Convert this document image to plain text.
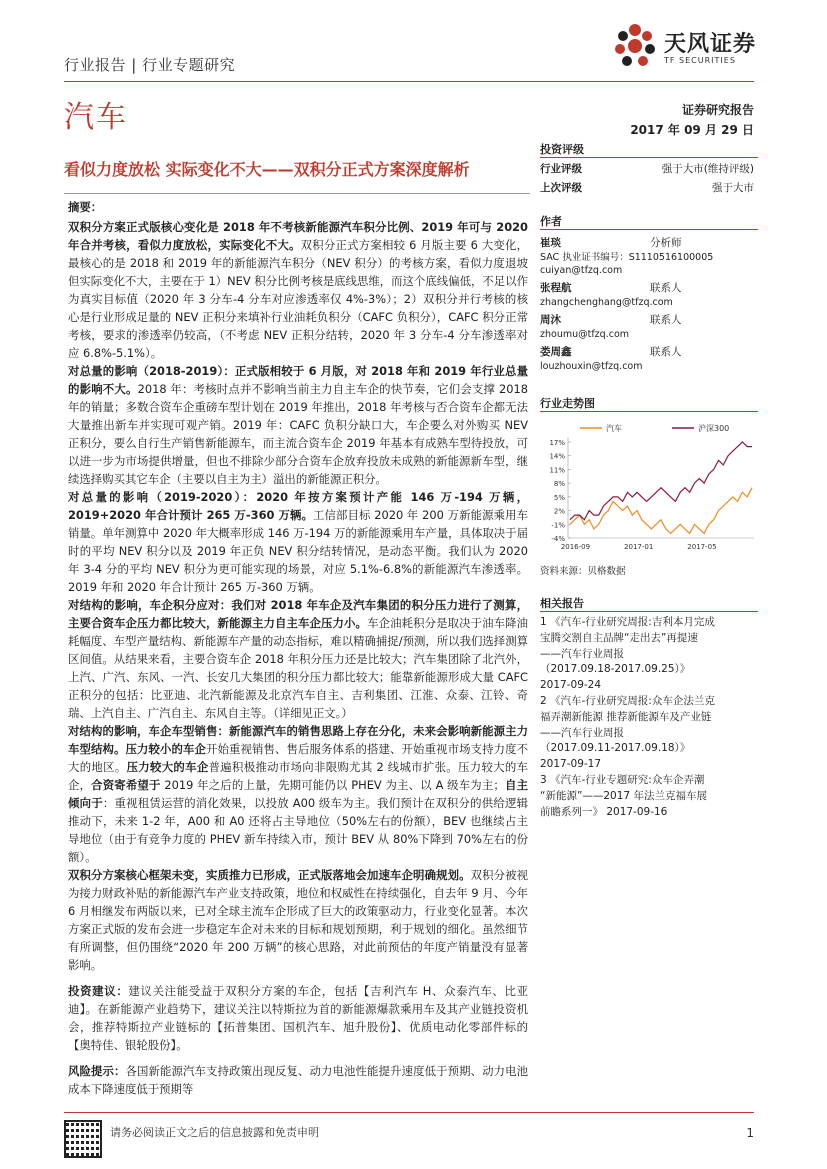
行业报告 | 行业专题研究
天风证券
TF SECURITIES
汽车	证券研究报告
2017 年 09 月 29 日
看似力度放松 实际变化不大——双积分正式方案深度解析
投资评级
行业评级	强于大市(维持评级)
上次评级	强于大市
作者
崔琰	分析师
SAC 执业证书编号：S1110516100005
cuiyan@tfzq.com
张程航	联系人
zhangchenghang@tfzq.com
周沐	联系人
zhoumu@tfzq.com
娄周鑫	联系人
louzhouxin@tfzq.com
行业走势图
汽车	沪深300
-4%
-1%
2%
5%
8%
11%
14%
17%
2016-09	2017-01	2017-05
资料来源：贝格数据
相关报告
1 《汽车-行业研究周报:吉利本月完成
宝腾交割自主品牌“走出去”再提速
——汽车行业周报
（2017.09.18-2017.09.25）》
2017-09-24
2 《汽车-行业研究周报:众车企法兰克
福弄潮新能源 推荐新能源车及产业链
——汽车行业周报
（2017.09.11-2017.09.18）》
2017-09-17
3 《汽车-行业专题研究:众车企弄潮
“新能源”——2017 年法兰克福车展
前瞻系列一》 2017-09-16
摘要：

双积分方案正式版核心变化是 2018 年不考核新能源汽车积分比例、2019 年可与 2020 年合并考核，看似力度放松，实际变化不大。双积分正式方案相较 6 月版主要 6 大变化，最核心的是 2018 和 2019 年的新能源汽车积分（NEV 积分）的考核方案，看似力度退坡但实际变化不大，主要在于 1）NEV 积分比例考核是底线思维，而这个底线偏低，不足以作为真实目标值（2020 年 3 分车-4 分车对应渗透率仅 4%-3%）；2）双积分并行考核的核心是行业形成足量的 NEV 正积分来填补行业油耗负积分（CAFC 负积分），CAFC 积分正常考核，要求的渗透率仍较高，（不考虑 NEV 正积分结转，2020 年 3 分车-4 分车渗透率对应 6.8%-5.1%）。

对总量的影响（2018-2019）：正式版相较于 6 月版，对 2018 年和 2019 年行业总量的影响不大。2018 年：考核时点并不影响当前主力自主车企的快节奏，它们会支撑 2018 年的销量；多数合资车企重磅车型计划在 2019 年推出，2018 年考核与否合资车企都无法大量推出新车并实现可观产销。2019 年：CAFC 负积分缺口大，车企要么对外购买 NEV 正积分，要么自行生产销售新能源车，而主流合资车企 2019 年基本有成熟车型待投放，可以进一步为市场提供增量，但也不排除少部分合资车企放弃投放未成熟的新能源新车型，继续选择购买其它车企（主要以自主为主）溢出的新能源正积分。

对总量的影响（2019-2020）：2020 年按方案预计产能 146 万-194 万辆，2019+2020 年合计预计 265 万-360 万辆。工信部目标 2020 年 200 万新能源乘用车销量。单年测算中 2020 年大概率形成 146 万-194 万的新能源乘用车产量，具体取决于届时的平均 NEV 积分以及 2019 年正负 NEV 积分结转情况，是动态平衡。我们认为 2020 年 3-4 分的平均 NEV 积分为更可能实现的场景，对应 5.1%-6.8%的新能源汽车渗透率。2019 年和 2020 年合计预计 265 万-360 万辆。

对结构的影响，车企积分应对：我们对 2018 年车企及汽车集团的积分压力进行了测算，主要合资车企压力都比较大，新能源主力自主车企压力小。车企油耗积分是取决于油车降油耗幅度、车型产量结构、新能源车产量的动态指标，难以精确捕捉/预测，所以我们选择测算区间值。从结果来看，主要合资车企 2018 年积分压力还是比较大；汽车集团除了北汽外，上汽、广汽、东风、一汽、长安几大集团的积分压力都比较大；能靠新能源形成大量 CAFC 正积分的包括：比亚迪、北汽新能源及北京汽车自主、吉利集团、江淮、众泰、江铃、奇瑞、上汽自主、广汽自主、东风自主等。（详细见正文。）

对结构的影响，车企车型销售：新能源汽车的销售思路上存在分化，未来会影响新能源主力车型结构。压力较小的车企开始重视销售、售后服务体系的搭建、开始重视市场支持力度不大的地区。压力较大的车企普遍积极推动市场向非限购尤其 2 线城市扩张。压力较大的车企，合资寄希望于 2019 年之后的上量，先期可能仍以 PHEV 为主、以 A 级车为主；自主倾向于：重视租赁运营的消化效果，以投放 A00 级车为主。我们预计在双积分的供给逻辑推动下，未来 1-2 年，A00 和 A0 还将占主导地位（50%左右的份额），BEV 也继续占主导地位（由于有竞争力度的 PHEV 新车持续入市，预计 BEV 从 80%下降到 70%左右的份额）。

双积分方案核心框架未变，实质推力已形成，正式版落地会加速车企明确规划。双积分被视为接力财政补贴的新能源汽车产业支持政策，地位和权威性在持续强化，自去年 9 月、今年 6 月相继发布两版以来，已对全球主流车企形成了巨大的政策驱动力，行业变化显著。本次方案正式版的发布会进一步稳定车企对未来的目标和规划预期，利于规划的细化。虽然细节有所调整，但仍围绕“2020 年 200 万辆”的核心思路，对此前预估的年度产销量没有显著影响。

投资建议：建议关注能受益于双积分方案的车企，包括【吉利汽车 H、众泰汽车、比亚迪】。在新能源产业趋势下，建议关注以特斯拉为首的新能源爆款乘用车及其产业链投资机会，推荐特斯拉产业链标的【拓普集团、国机汽车、旭升股份】、优质电动化零部件标的【奥特佳、银轮股份】。

风险提示：各国新能源汽车支持政策出现反复、动力电池性能提升速度低于预期、动力电池成本下降速度低于预期等

请务必阅读正文之后的信息披露和免责申明	1
